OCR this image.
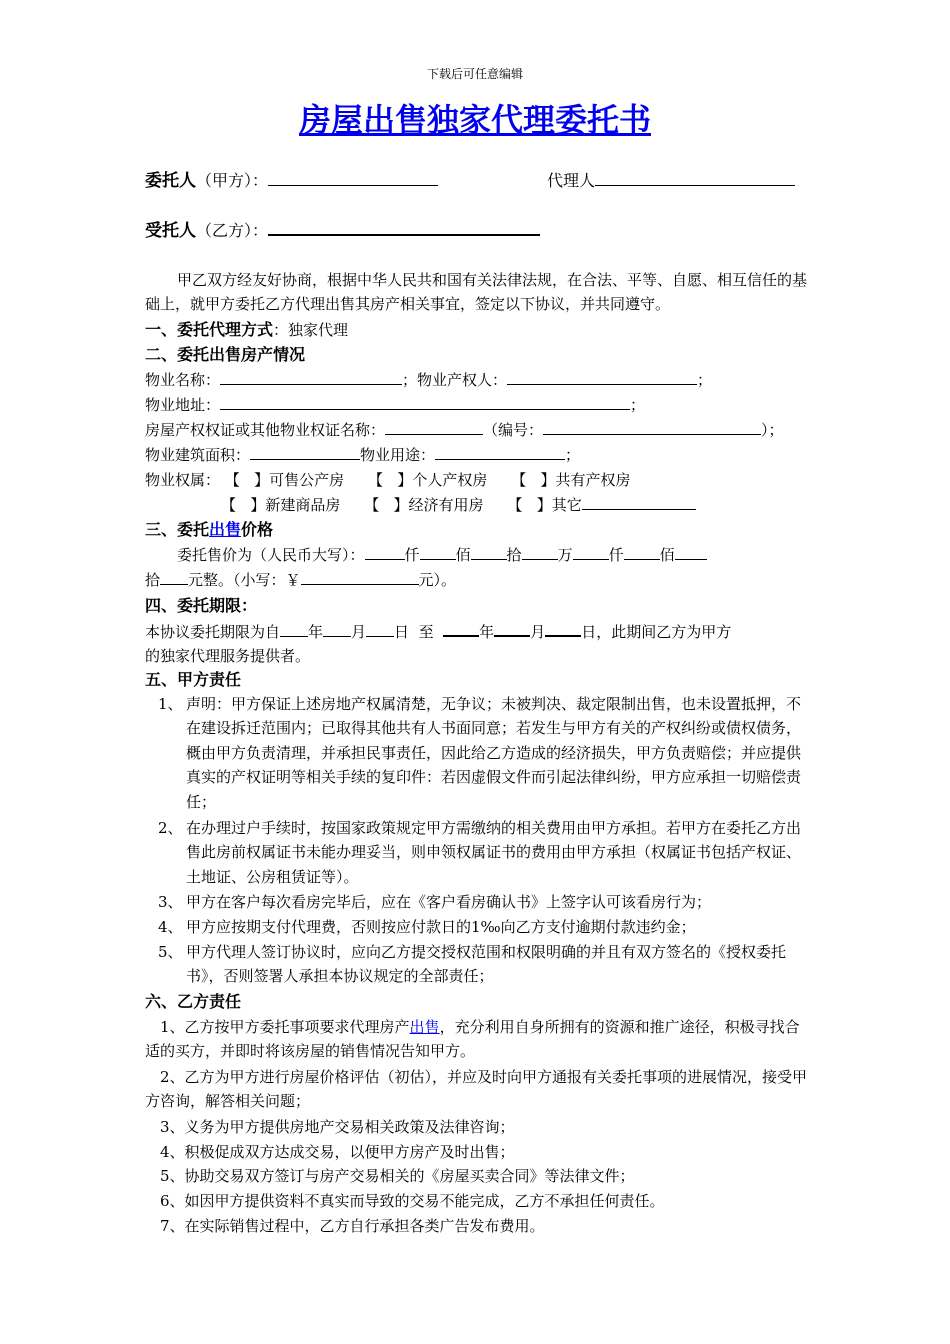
下载后可任意编辑
房屋出售独家代理委托书
委托人（甲方）：	代理人
受托人（乙方）：
甲乙双方经友好协商，根据中华人民共和国有关法律法规，在合法、平等、自愿、相互信任的基础上，就甲方委托乙方代理出售其房产相关事宜，签定以下协议，并共同遵守。
一、委托代理方式：独家代理
二、委托出售房产情况
物业名称：	；物业产权人：	；
物业地址：	；
房屋产权权证或其他物业权证名称：	（编号：	）；
物业建筑面积：	物业用途：	；
物业权属： 【 】可售公产房 【 】个人产权房 【 】共有产权房
【 】新建商品房 【 】经济有用房 【 】其它
三、委托出售价格
委托售价为（人民币大写）：	仟 佰 拾 万 仟 佰
拾 元整。（小写：￥	元）。
四、委托期限：
本协议委托期限为自 年 月 日 至	年 月 日，此期间乙方为甲方
的独家代理服务提供者。
五、甲方责任
1、 声明：甲方保证上述房地产权属清楚，无争议；未被判决、裁定限制出售，也未设置抵押，不在建设拆迁范围内；已取得其他共有人书面同意；若发生与甲方有关的产权纠纷或债权债务，概由甲方负责清理，并承担民事责任，因此给乙方造成的经济损失，甲方负责赔偿；并应提供真实的产权证明等相关手续的复印件：若因虚假文件而引起法律纠纷，甲方应承担一切赔偿责任；
2、 在办理过户手续时，按国家政策规定甲方需缴纳的相关费用由甲方承担。若甲方在委托乙方出售此房前权属证书未能办理妥当，则申领权属证书的费用由甲方承担（权属证书包括产权证、土地证、公房租赁证等）。
3、 甲方在客户每次看房完毕后，应在《客户看房确认书》上签字认可该看房行为；
4、 甲方应按期支付代理费，否则按应付款日的1‰向乙方支付逾期付款违约金；
5、 甲方代理人签订协议时，应向乙方提交授权范围和权限明确的并且有双方签名的《授权委托书》，否则签署人承担本协议规定的全部责任；
六、乙方责任
1、乙方按甲方委托事项要求代理房产出售，充分利用自身所拥有的资源和推广途径，积极寻找合适的买方，并即时将该房屋的销售情况告知甲方。
2、乙方为甲方进行房屋价格评估（初估），并应及时向甲方通报有关委托事项的进展情况，接受甲方咨询，解答相关问题；
3、义务为甲方提供房地产交易相关政策及法律咨询；
4、积极促成双方达成交易，以便甲方房产及时出售；
5、协助交易双方签订与房产交易相关的《房屋买卖合同》等法律文件；
6、如因甲方提供资料不真实而导致的交易不能完成，乙方不承担任何责任。
7、在实际销售过程中，乙方自行承担各类广告发布费用。
